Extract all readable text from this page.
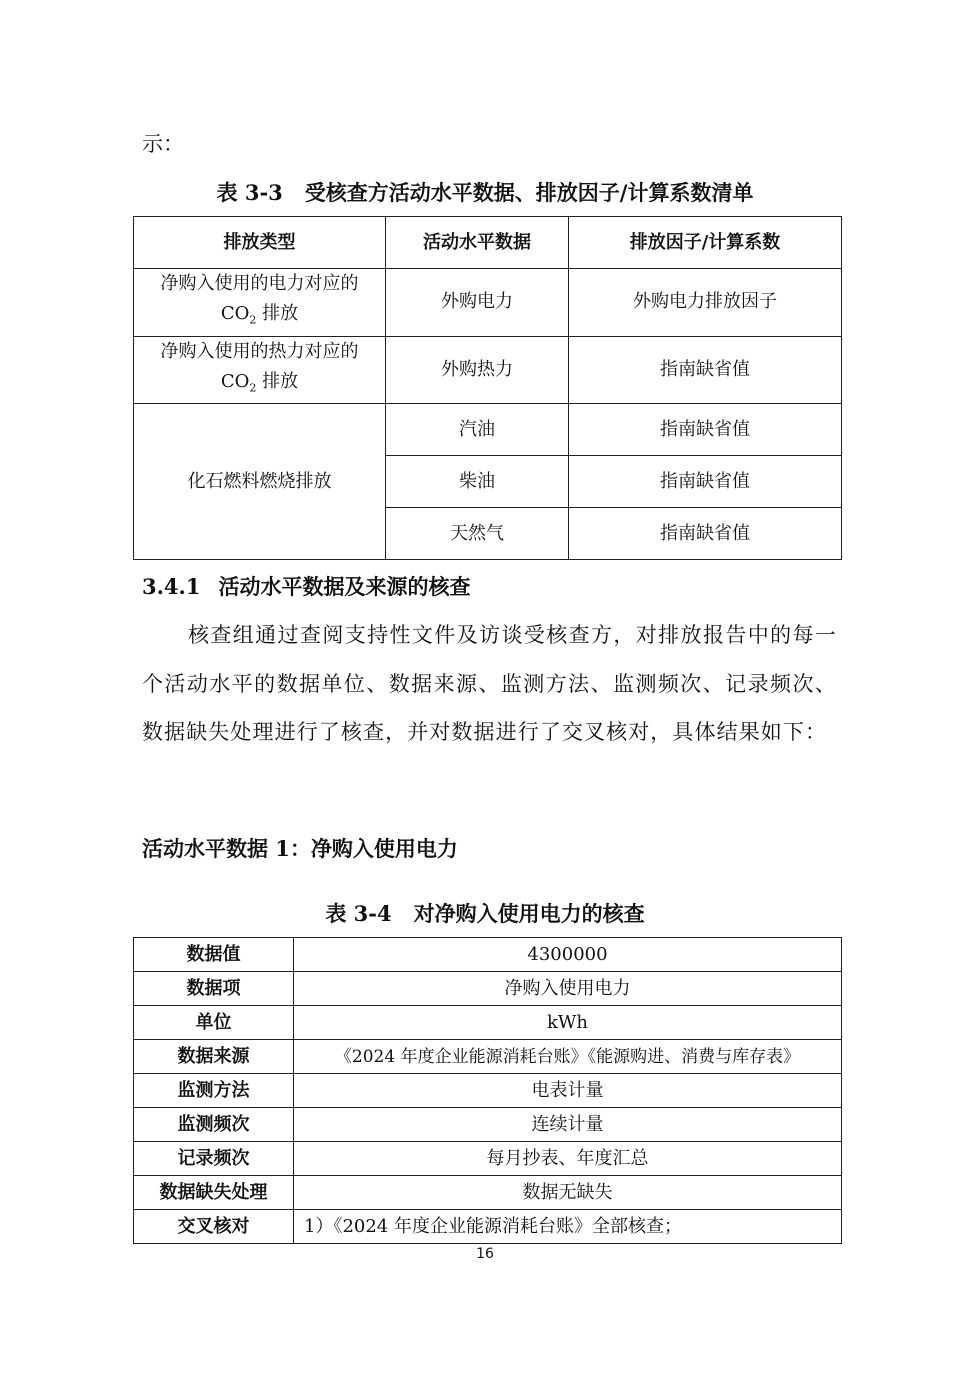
示：
表 3-3 受核查方活动水平数据、排放因子/计算系数清单
排放类型	活动水平数据	排放因子/计算系数
净购入使用的电力对应的
$CO_2$ 排放	外购电力	外购电力排放因子
净购入使用的热力对应的
$CO_2$ 排放	外购热力	指南缺省值
化石燃料燃烧排放	汽油	指南缺省值
	柴油	指南缺省值
	天然气	指南缺省值
3.4.1 活动水平数据及来源的核查
核查组通过查阅支持性文件及访谈受核查方，对排放报告中的每一个活动水平的数据单位、数据来源、监测方法、监测频次、记录频次、数据缺失处理进行了核查，并对数据进行了交叉核对，具体结果如下：
活动水平数据 1：净购入使用电力
表 3-4 对净购入使用电力的核查
数据值	4300000
数据项	净购入使用电力
单位	kWh
数据来源	《2024 年度企业能源消耗台账》《能源购进、消费与库存表》
监测方法	电表计量
监测频次	连续计量
记录频次	每月抄表、年度汇总
数据缺失处理	数据无缺失
交叉核对	1）《2024 年度企业能源消耗台账》全部核查；
16
